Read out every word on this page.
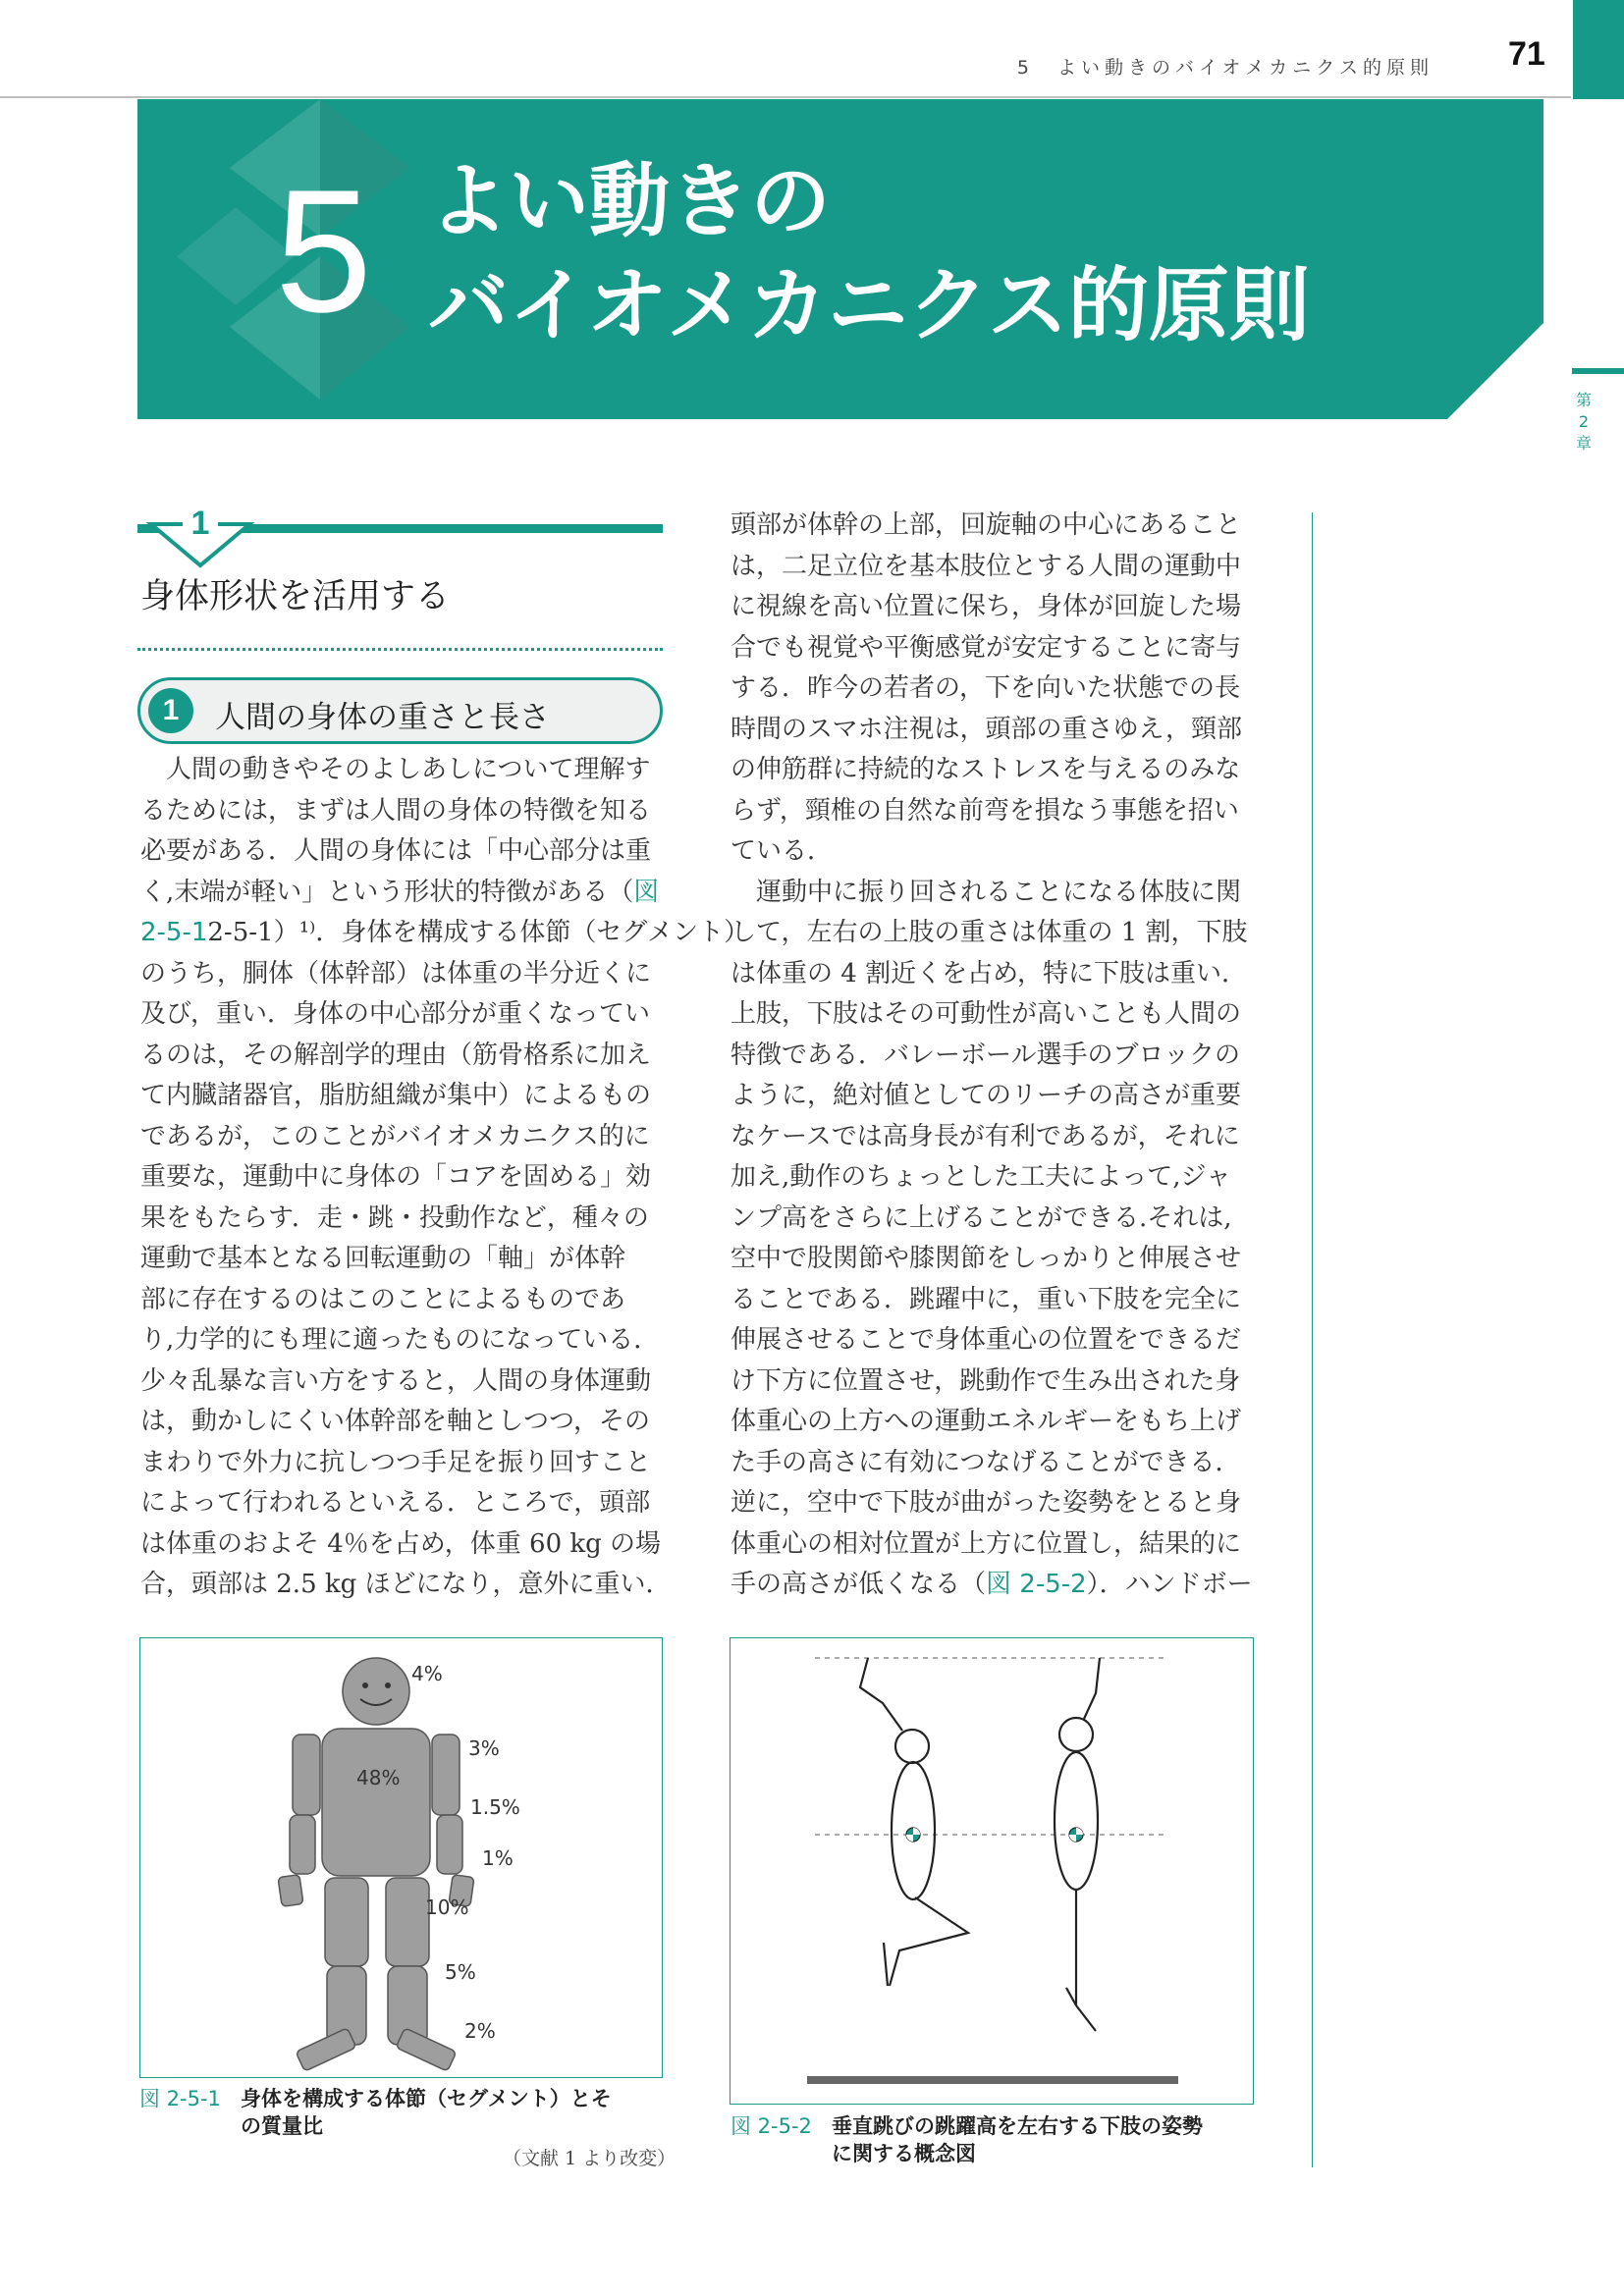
5　よい動きのバイオメカニクス的原則 71
第
2
章
5 よい動きの
バイオメカニクス的原則
1
身体形状を活用する
1	人間の身体の重さと長さ
　人間の動きやそのよしあしについて理解す
るためには，まずは人間の身体の特徴を知る
必要がある．人間の身体には「中心部分は重
く,末端が軽い」という形状的特徴がある（図
2-5-12-5-1）¹⁾．身体を構成する体節（セグメント）
のうち，胴体（体幹部）は体重の半分近くに
及び，重い．身体の中心部分が重くなってい
るのは，その解剖学的理由（筋骨格系に加え
て内臓諸器官，脂肪組織が集中）によるもの
であるが，このことがバイオメカニクス的に
重要な，運動中に身体の「コアを固める」効
果をもたらす．走・跳・投動作など，種々の
運動で基本となる回転運動の「軸」が体幹
部に存在するのはこのことによるものであ
り,力学的にも理に適ったものになっている．
少々乱暴な言い方をすると，人間の身体運動
は，動かしにくい体幹部を軸としつつ，その
まわりで外力に抗しつつ手足を振り回すこと
によって行われるといえる．ところで，頭部
は体重のおよそ 4％を占め，体重 60 kg の場
合，頭部は 2.5 kg ほどになり，意外に重い．
頭部が体幹の上部，回旋軸の中心にあること
は，二足立位を基本肢位とする人間の運動中
に視線を高い位置に保ち，身体が回旋した場
合でも視覚や平衡感覚が安定することに寄与
する．昨今の若者の，下を向いた状態での長
時間のスマホ注視は，頭部の重さゆえ，頸部
の伸筋群に持続的なストレスを与えるのみな
らず，頸椎の自然な前弯を損なう事態を招い
ている．
　運動中に振り回されることになる体肢に関
して，左右の上肢の重さは体重の 1 割，下肢
は体重の 4 割近くを占め，特に下肢は重い．
上肢，下肢はその可動性が高いことも人間の
特徴である．バレーボール選手のブロックの
ように，絶対値としてのリーチの高さが重要
なケースでは高身長が有利であるが，それに
加え,動作のちょっとした工夫によって,ジャ
ンプ高をさらに上げることができる.それは,
空中で股関節や膝関節をしっかりと伸展させ
ることである．跳躍中に，重い下肢を完全に
伸展させることで身体重心の位置をできるだ
け下方に位置させ，跳動作で生み出された身
体重心の上方への運動エネルギーをもち上げ
た手の高さに有効につなげることができる．
逆に，空中で下肢が曲がった姿勢をとると身
体重心の相対位置が上方に位置し，結果的に
手の高さが低くなる（図 2-5-2）．ハンドボー
4%
3%
48%
1.5%
1%
10%
5%
2%
図 2-5-1 身体を構成する体節（セグメント）とそ
の質量比
（文献 1 より改変）
図 2-5-2 垂直跳びの跳躍高を左右する下肢の姿勢
に関する概念図
